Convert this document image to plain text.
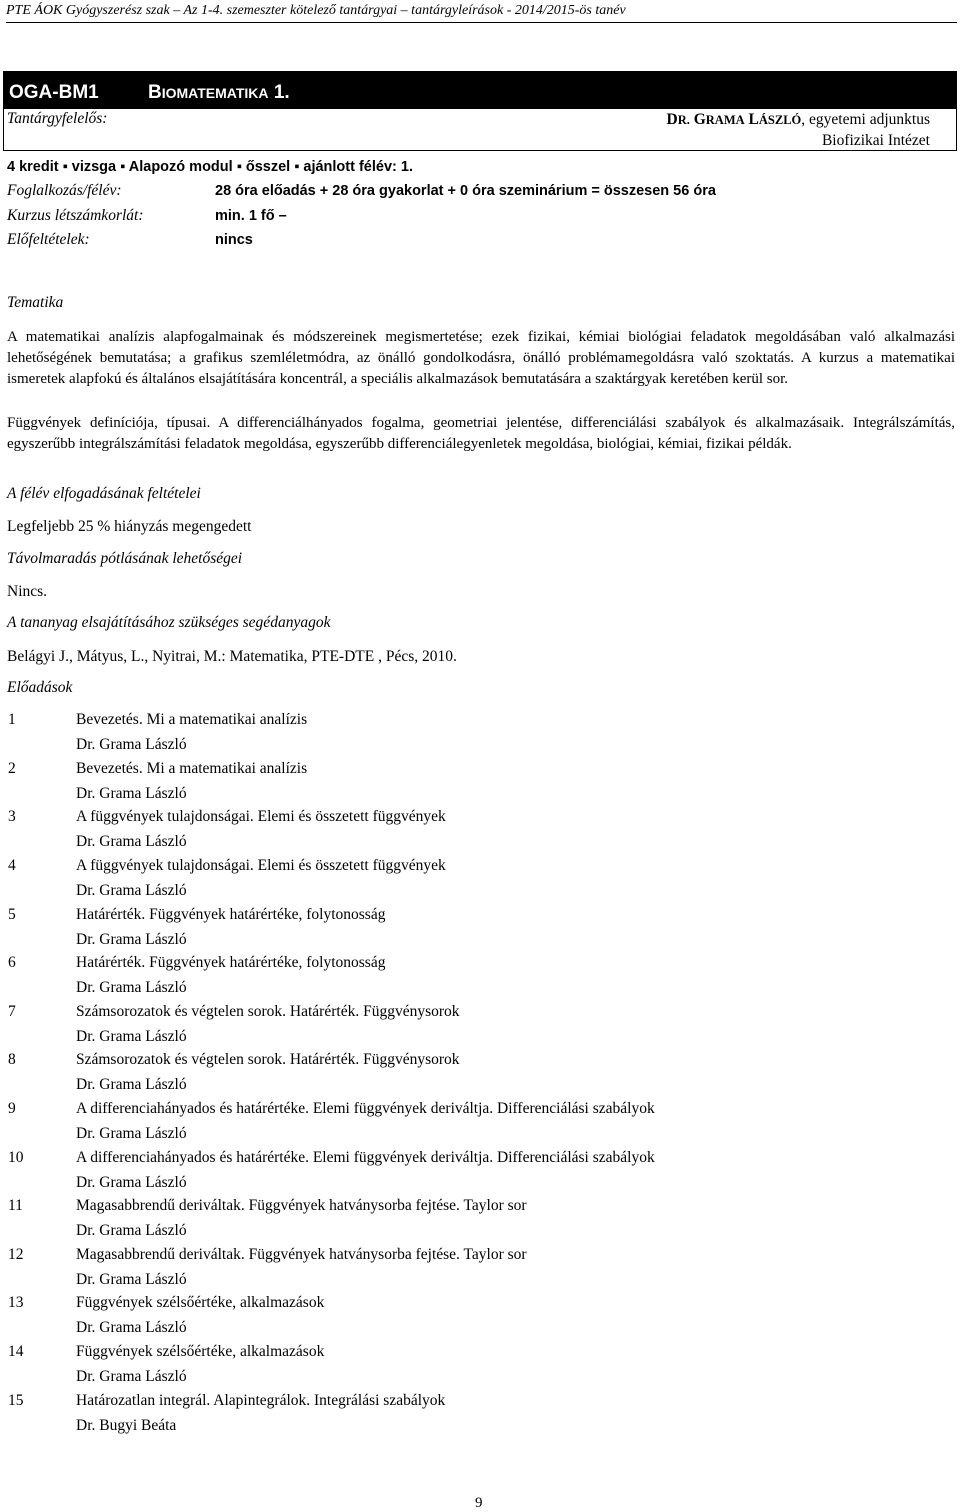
PTE ÁOK Gyógyszerész szak – Az 1-4. szemeszter kötelező tantárgyai – tantárgyleírások - 2014/2015-ös tanév
OGA-BM1	BIOMATEMATIKA 1.
Tantárgyfelelős:	DR. GRAMA LÁSZLÓ, egyetemi adjunktus
Biofizikai Intézet
4 kredit ▪ vizsga ▪ Alapozó modul ▪ ősszel ▪ ajánlott félév: 1.
Foglalkozás/félév:	28 óra előadás + 28 óra gyakorlat + 0 óra szeminárium = összesen 56 óra
Kurzus létszámkorlát:	min. 1 fő –
Előfeltételek:	nincs
Tematika
A matematikai analízis alapfogalmainak és módszereinek megismertetése; ezek fizikai, kémiai biológiai feladatok megoldásában való alkalmazási lehetőségének bemutatása; a grafikus szemléletmódra, az önálló gondolkodásra, önálló problémamegoldásra való szoktatás. A kurzus a matematikai ismeretek alapfokú és általános elsajátítására koncentrál, a speciális alkalmazások bemutatására a szaktárgyak keretében kerül sor.
Függvények definíciója, típusai. A differenciálhányados fogalma, geometriai jelentése, differenciálási szabályok és alkalmazásaik. Integrálszámítás, egyszerűbb integrálszámítási feladatok megoldása, egyszerűbb differenciálegyenletek megoldása, biológiai, kémiai, fizikai példák.
A félév elfogadásának feltételei
Legfeljebb 25 % hiányzás megengedett
Távolmaradás pótlásának lehetőségei
Nincs.
A tananyag elsajátításához szükséges segédanyagok
Belágyi J., Mátyus, L., Nyitrai, M.: Matematika, PTE-DTE , Pécs, 2010.
Előadások
1	Bevezetés. Mi a matematikai analízis
Dr. Grama László
2	Bevezetés. Mi a matematikai analízis
Dr. Grama László
3	A függvények tulajdonságai. Elemi és összetett függvények
Dr. Grama László
4	A függvények tulajdonságai. Elemi és összetett függvények
Dr. Grama László
5	Határérték. Függvények határértéke, folytonosság
Dr. Grama László
6	Határérték. Függvények határértéke, folytonosság
Dr. Grama László
7	Számsorozatok és végtelen sorok. Határérték. Függvénysorok
Dr. Grama László
8	Számsorozatok és végtelen sorok. Határérték. Függvénysorok
Dr. Grama László
9	A differenciahányados és határértéke. Elemi függvények deriváltja. Differenciálási szabályok
Dr. Grama László
10	A differenciahányados és határértéke. Elemi függvények deriváltja. Differenciálási szabályok
Dr. Grama László
11	Magasabbrendű deriváltak. Függvények hatványsorba fejtése. Taylor sor
Dr. Grama László
12	Magasabbrendű deriváltak. Függvények hatványsorba fejtése. Taylor sor
Dr. Grama László
13	Függvények szélsőértéke, alkalmazások
Dr. Grama László
14	Függvények szélsőértéke, alkalmazások
Dr. Grama László
15	Határozatlan integrál. Alapintegrálok. Integrálási szabályok
Dr. Bugyi Beáta
9
